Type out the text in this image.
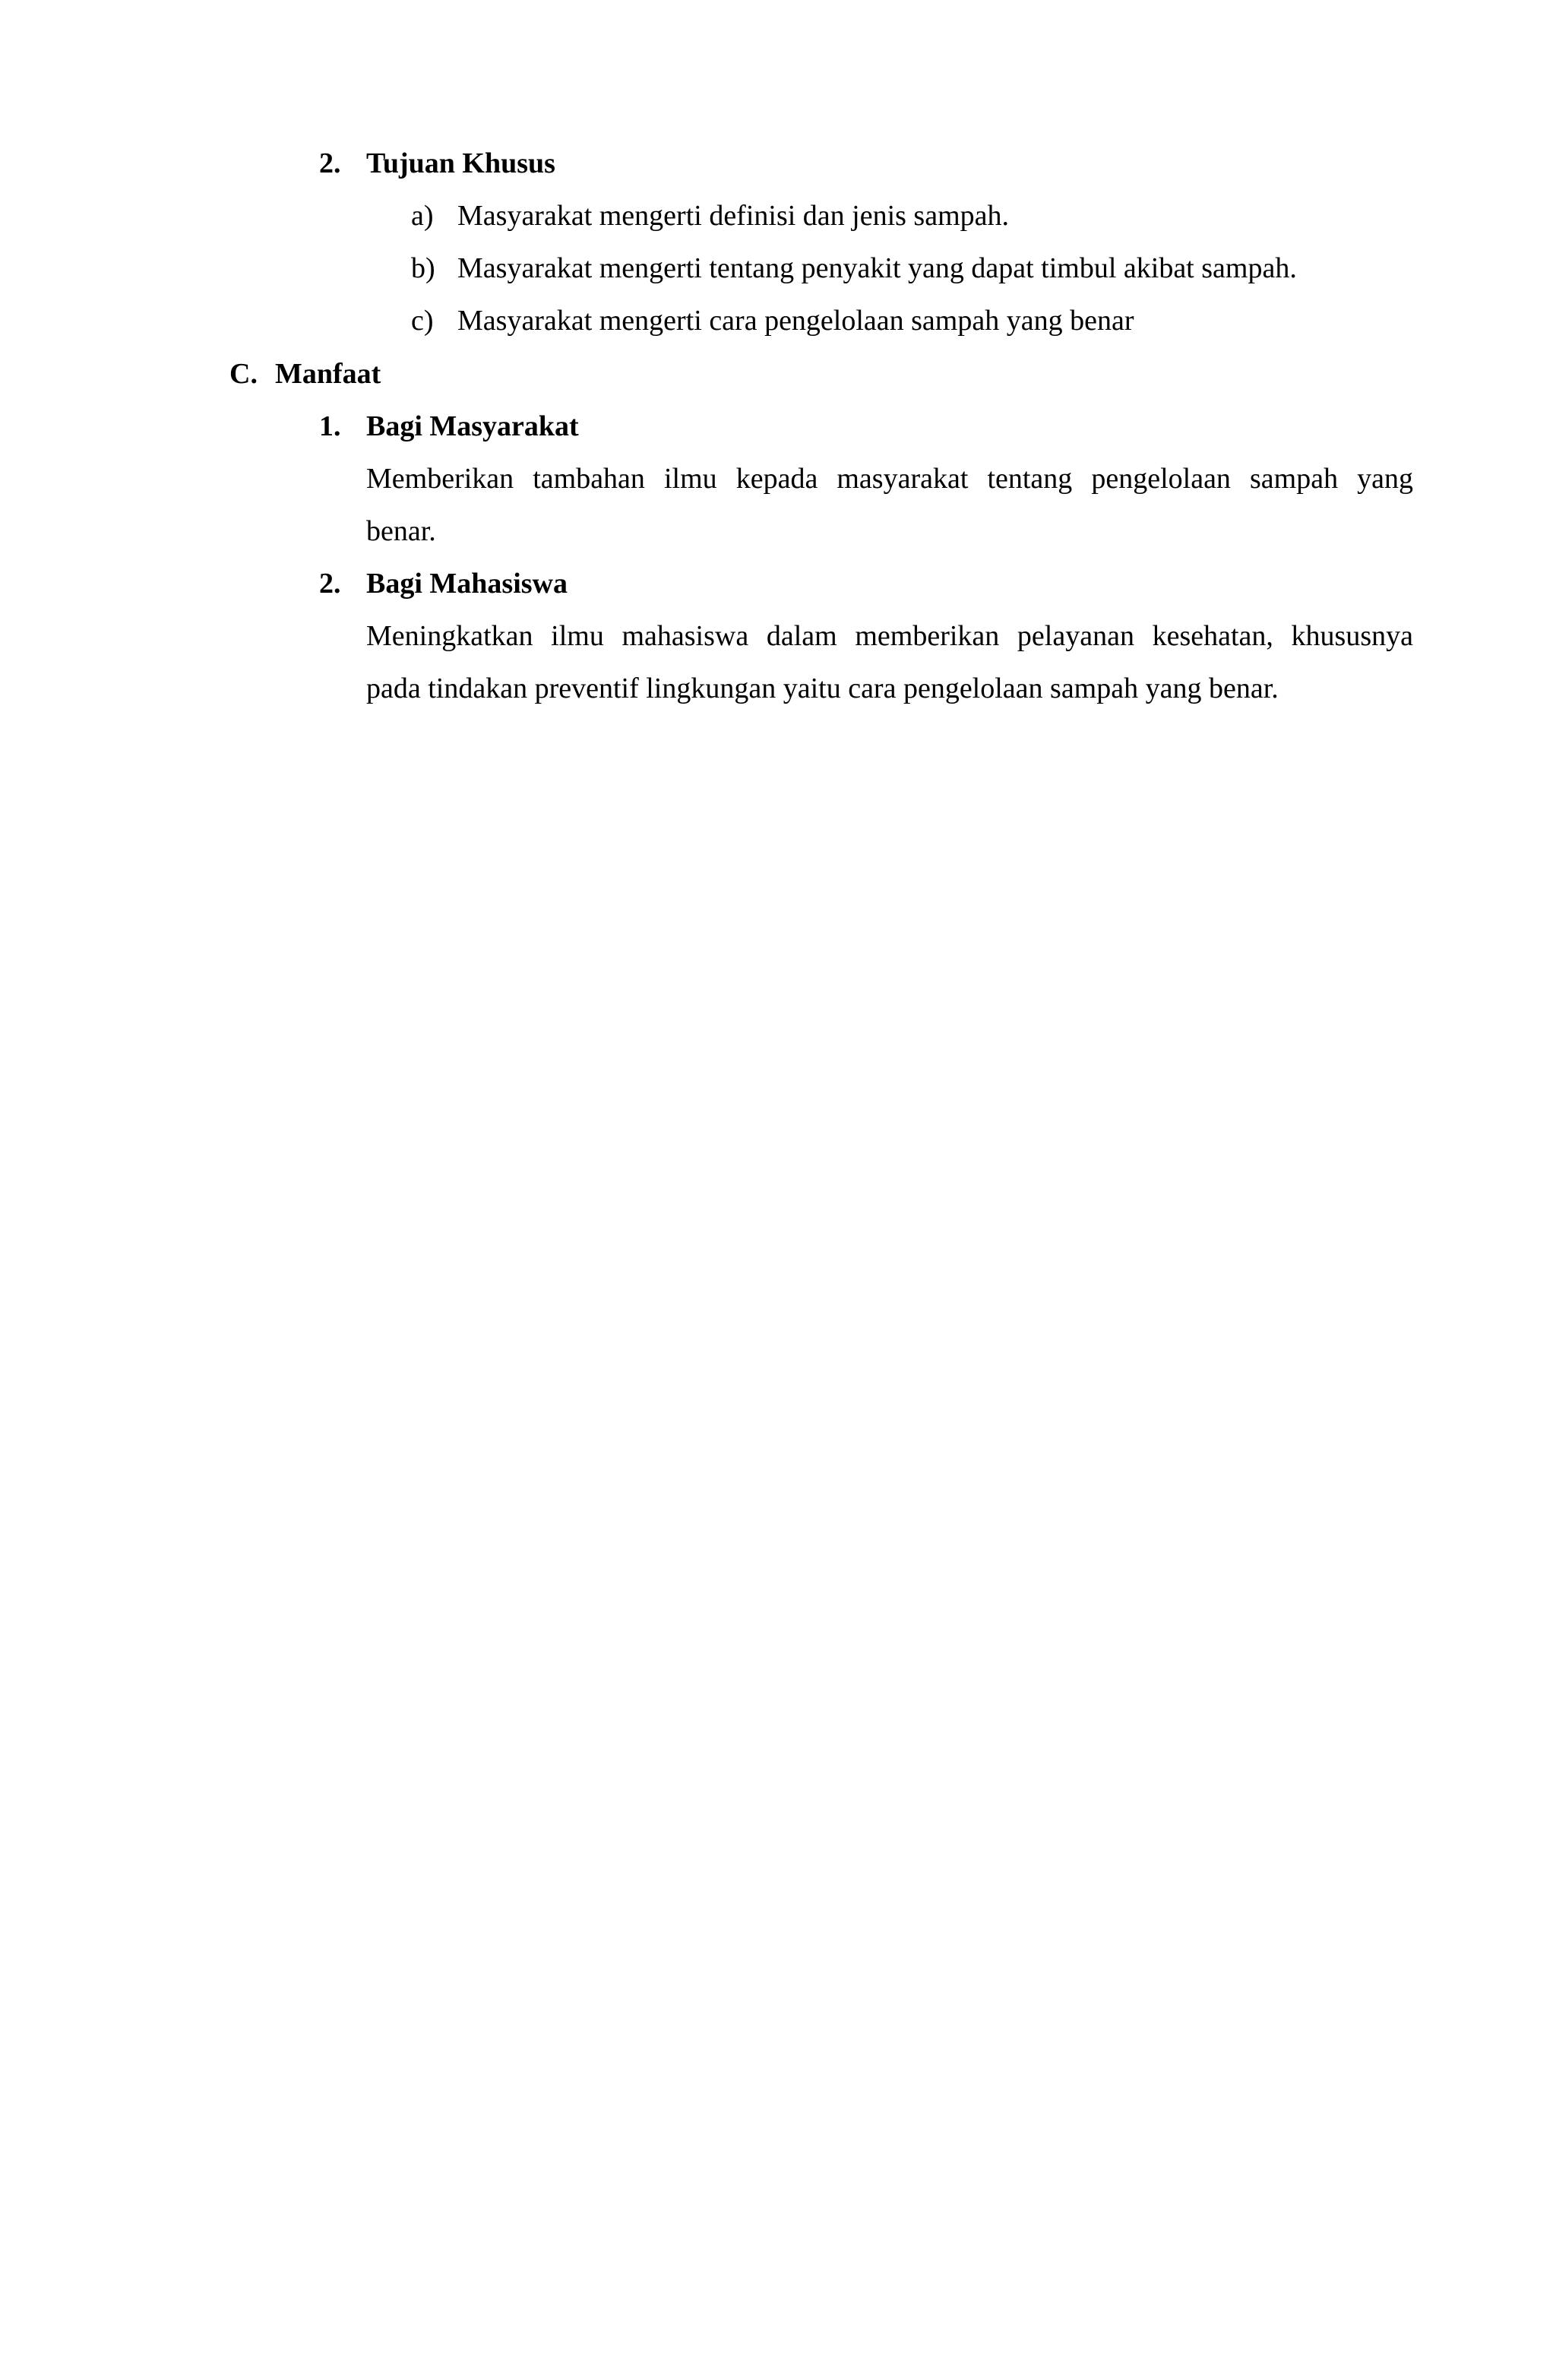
2. Tujuan Khusus
a) Masyarakat mengerti definisi dan jenis sampah.
b) Masyarakat mengerti tentang penyakit yang dapat timbul akibat sampah.
c) Masyarakat mengerti cara pengelolaan sampah yang benar
C. Manfaat
1. Bagi Masyarakat
Memberikan tambahan ilmu kepada masyarakat tentang pengelolaan sampah yang
benar.
2. Bagi Mahasiswa
Meningkatkan ilmu mahasiswa dalam memberikan pelayanan kesehatan, khususnya
pada tindakan preventif lingkungan yaitu cara pengelolaan sampah yang benar.
